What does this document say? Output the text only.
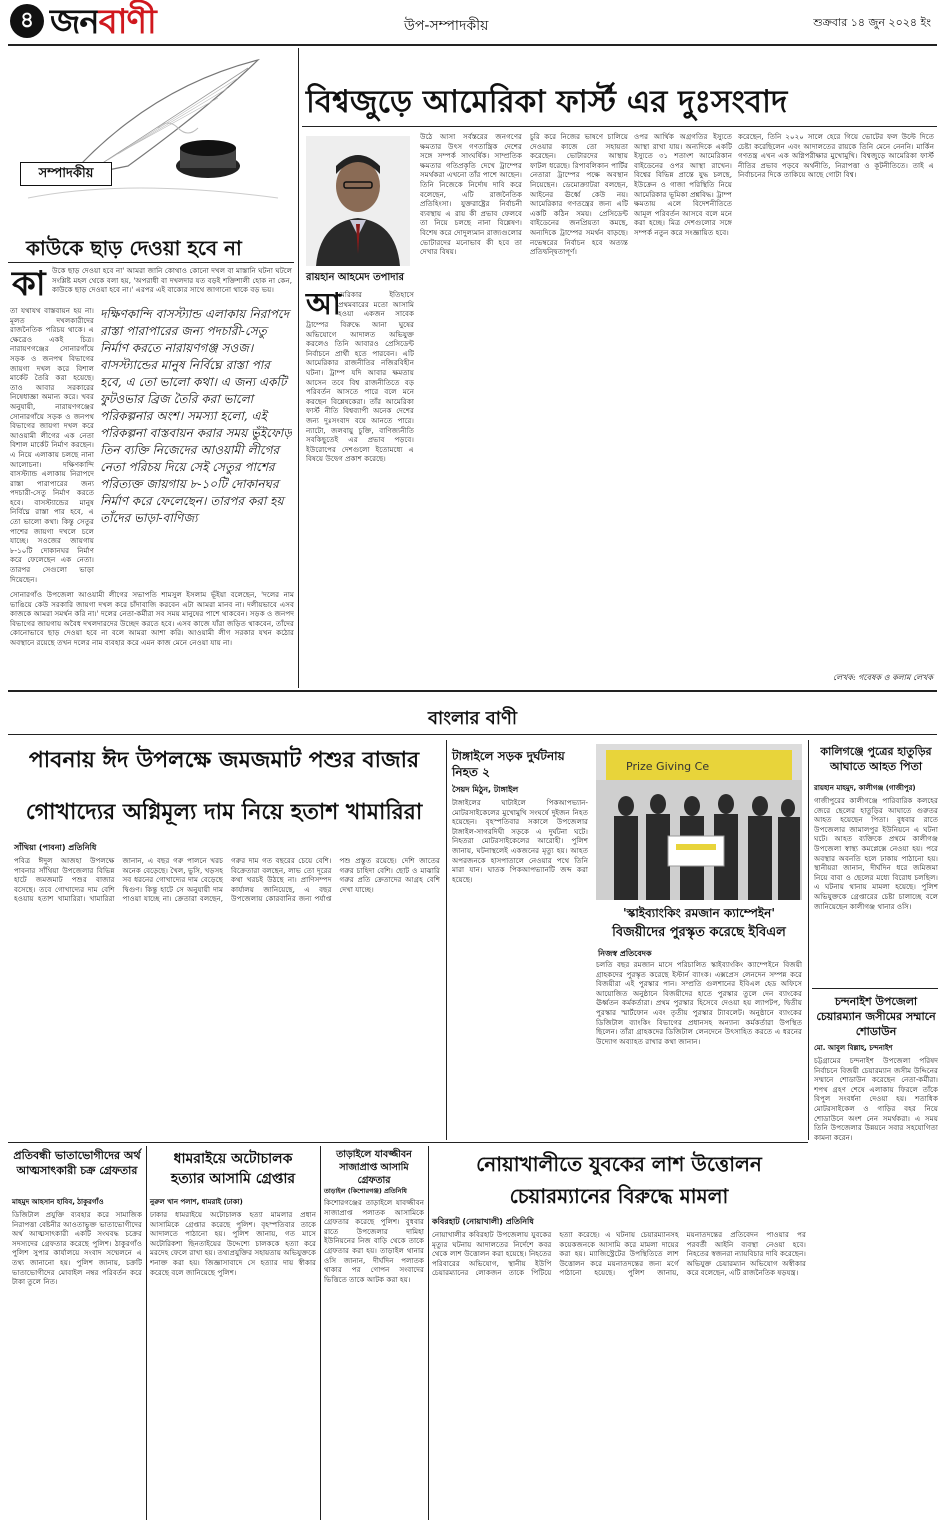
৪ জনবাণী	উপ-সম্পাদকীয়	শুক্রবার ১৪ জুন ২০২৪ ইং
সম্পাদকীয়
কাউকে ছাড় দেওয়া হবে না
কা উকে ছাড় দেওয়া হবে না' আমরা জানি কোথাও কোনো দখল বা মাস্তানি ঘটনা ঘটলে সংশ্লিষ্ট মহল থেকে বলা হয়, 'অপরাধী বা দখলদার যত বড়ই শক্তিশালী হোক না কেন, কাউকে ছাড় দেওয়া হবে না।' এরপর এই বাক্যের সাথে জাগানো থাকে বড় ভয়।
তা যথাযথ বাস্তবায়ন হয় না। মূলত দখলকারীদের রাজনৈতিক পরিচয় থাকে। এ ক্ষেত্রেও একই চিত্র। নারায়ণগঞ্জের সোনারগাঁয়ে সড়ক ও জনপথ বিভাগের জায়গা দখল করে বিশাল মার্কেট তৈরি করা হয়েছে। তাও আবার সরকারের নিষেধাজ্ঞা অমান্য করে। খবর অনুযায়ী, নারায়ণগঞ্জের সোনারগাঁয়ে সড়ক ও জনপথ বিভাগের জায়গা দখল করে আওয়ামী লীগের এক নেতা বিশাল মার্কেট নির্মাণ করছেন। এ নিয়ে এলাকায় চলছে নানা আলোচনা। দক্ষিণকান্দি বাসস্ট্যান্ড এলাকায় নিরাপদে রাস্তা পারাপারের জন্য পদচারী-সেতু নির্মাণ করতে হবে। বাসস্ট্যান্ডের মানুষ নির্বিঘ্নে রাস্তা পার হবে, এ তো ভালো কথা। কিন্তু সেতুর পাশের জায়গা দখলে চলে যাচ্ছে। সওজের জায়গায় ৮-১০টি দোকানঘর নির্মাণ করে ফেলেছেন এক নেতা। তারপর সেগুলো ভাড়া দিয়েছেন।
দক্ষিণকান্দি বাসস্ট্যান্ড এলাকায় নিরাপদে রাস্তা পারাপারের জন্য পদচারী-সেতু নির্মাণ করতে নারায়ণগঞ্জ সওজ। বাসস্ট্যান্ডের মানুষ নির্বিঘ্নে রাস্তা পার হবে, এ তো ভালো কথা। এ জন্য একটি ফুটওভার ব্রিজ তৈরি করা ভালো পরিকল্পনার অংশ। সমস্যা হলো, এই পরিকল্পনা বাস্তবায়ন করার সময় ভুঁইফোড় তিন ব্যক্তি নিজেদের আওয়ামী লীগের নেতা পরিচয় দিয়ে সেই সেতুর পাশের পরিত্যক্ত জায়গায় ৮-১০টি দোকানঘর নির্মাণ করে ফেলেছেন। তারপর করা হয় তাঁদের ভাড়া-বাণিজ্য
সোনারগাঁও উপজেলা আওয়ামী লীগের সভাপতি শামসুল ইসলাম ভূঁইয়া বলেছেন, 'দলের নাম ভাঙিয়ে কেউ সরকারি জায়গা দখল করে চাঁদাবাজি করবেন এটা আমরা মানব না। দলীয়ভাবে এসব কাজকে আমরা সমর্থন করি না।' দলের নেতা-কর্মীরা সব সময় মানুষের পাশে থাকবেন। সড়ক ও জনপদ বিভাগের জায়গায় অবৈধ দখলদারদের উচ্ছেদ করতে হবে। এসব কাজে যাঁরা জড়িত থাকবেন, তাঁদের কোনোভাবে ছাড় দেওয়া হবে না বলে আমরা আশা করি। আওয়ামী লীগ সরকার যখন কঠোর অবস্থানে রয়েছে তখন দলের নাম ব্যবহার করে এমন কাজ মেনে নেওয়া যায় না।
বিশ্বজুড়ে আমেরিকা ফার্স্ট এর দুঃসংবাদ
রায়হান আহমেদ তপাদার
আ
মেরিকার ইতিহাসে প্রথমবারের মতো আসামি হওয়া একজন সাবেক
ট্রাম্পের বিরুদ্ধে আনা ঘুষের অভিযোগে আদালত অভিযুক্ত করলেও তিনি আবারও প্রেসিডেন্ট নির্বাচনে প্রার্থী হতে পারবেন। এটি আমেরিকার রাজনীতির নজিরবিহীন ঘটনা। ট্রাম্প যদি আবার ক্ষমতায় আসেন তবে বিশ্ব রাজনীতিতে বড় পরিবর্তন আসতে পারে বলে মনে করছেন বিশ্লেষকেরা। তাঁর আমেরিকা ফার্স্ট নীতি বিশ্বব্যাপী অনেক দেশের জন্য দুঃসংবাদ বয়ে আনতে পারে। ন্যাটো, জলবায়ু চুক্তি, বাণিজ্যনীতি সবকিছুতেই এর প্রভাব পড়বে। ইউরোপের দেশগুলো ইতোমধ্যে এ বিষয়ে উদ্বেগ প্রকাশ করেছে।
উঠে আসা সর্বস্তরের জনগণের ক্ষমতার উৎস গণতান্ত্রিক দেশের সঙ্গে সম্পর্ক সাংঘর্ষিক। সাম্প্রতিক ক্ষমতার গতিপ্রকৃতি দেখে ট্রাম্পের সমর্থকরা এখনো তাঁর পাশে আছেন। তিনি নিজেকে নির্দোষ দাবি করে বলেছেন, এটি রাজনৈতিক প্রতিহিংসা। যুক্তরাষ্ট্রের নির্বাচনী ব্যবস্থায় এ রায় কী প্রভাব ফেলবে তা নিয়ে চলছে নানা বিশ্লেষণ। বিশেষ করে দোদুল্যমান রাজ্যগুলোর ভোটারদের মনোভাব কী হবে তা দেখার বিষয়।
চুরি করে নিজের ভাষণে চালিয়ে দেওয়ার কাজে তো সহায়তা করেছেন। ভোটারদের আস্থায় ফাটল ধরেছে। রিপাবলিকান পার্টির নেতারা ট্রাম্পের পক্ষে অবস্থান নিয়েছেন। ডেমোক্র্যাটরা বলছেন, আইনের ঊর্ধ্বে কেউ নয়। আমেরিকার গণতন্ত্রের জন্য এটি একটি কঠিন সময়। প্রেসিডেন্ট বাইডেনের জনপ্রিয়তা কমছে, অন্যদিকে ট্রাম্পের সমর্থন বাড়ছে। নভেম্বরের নির্বাচন হবে অত্যন্ত প্রতিদ্বন্দ্বিতাপূর্ণ।
ওপর আর্থিক অগ্রগতির ইস্যুতে আস্থা রাখা যায়। অন্যদিকে একটি ইস্যুতে ৩১ শতাংশ আমেরিকান বাইডেনের ওপর আস্থা রাখেন। বিশ্বের বিভিন্ন প্রান্তে যুদ্ধ চলছে, ইউক্রেন ও গাজা পরিস্থিতি নিয়ে আমেরিকার ভূমিকা প্রশ্নবিদ্ধ। ট্রাম্প ক্ষমতায় এলে বিদেশনীতিতে আমূল পরিবর্তন আসবে বলে মনে করা হচ্ছে। মিত্র দেশগুলোর সঙ্গে সম্পর্ক নতুন করে সংজ্ঞায়িত হবে।
করেছেন, তিনি ২০২০ সালে হেরে গিয়ে ভোটের ফল উল্টে দিতে চেষ্টা করেছিলেন এবং আদালতের রায়কে তিনি মেনে নেননি। মার্কিন গণতন্ত্র এখন এক অগ্নিপরীক্ষার মুখোমুখি। বিশ্বজুড়ে আমেরিকা ফার্স্ট নীতির প্রভাব পড়বে অর্থনীতি, নিরাপত্তা ও কূটনীতিতে। তাই এ নির্বাচনের দিকে তাকিয়ে আছে গোটা বিশ্ব।
লেখক: গবেষক ও কলাম লেখক
বাংলার বাণী
পাবনায় ঈদ উপলক্ষে জমজমাট পশুর বাজার
গোখাদ্যের অগ্নিমূল্য দাম নিয়ে হতাশ খামারিরা
সাঁথিয়া (পাবনা) প্রতিনিধি
পবিত্র ঈদুল আজহা উপলক্ষে পাবনার সাঁথিয়া উপজেলার বিভিন্ন হাটে জমজমাট পশুর বাজার বসেছে। তবে গোখাদ্যের দাম বেশি হওয়ায় হতাশ খামারিরা। খামারিরা জানান, এ বছর গরু পালনে খরচ অনেক বেড়েছে। খৈল, ভুসি, খড়সহ সব ধরনের গোখাদ্যের দাম বেড়েছে দ্বিগুণ। কিন্তু হাটে সে অনুযায়ী দাম পাওয়া যাচ্ছে না। ক্রেতারা বলছেন, গরুর দাম গত বছরের চেয়ে বেশি। বিক্রেতারা বলছেন, লাভ তো দূরের কথা খরচই উঠছে না। প্রাণিসম্পদ কার্যালয় জানিয়েছে, এ বছর উপজেলায় কোরবানির জন্য পর্যাপ্ত পশু প্রস্তুত রয়েছে। দেশি জাতের গরুর চাহিদা বেশি। ছোট ও মাঝারি গরুর প্রতি ক্রেতাদের আগ্রহ বেশি দেখা যাচ্ছে।
টাঙ্গাইলে সড়ক দুর্ঘটনায় নিহত ২
সৈয়দ মিঠুন, টাঙ্গাইল
টাঙ্গাইলের ঘাটাইলে পিকআপভ্যান-মোটরসাইকেলের মুখোমুখি সংঘর্ষে দুইজন নিহত হয়েছেন। বৃহস্পতিবার সকালে উপজেলার টাঙ্গাইল-সাগরদিঘী সড়কে এ দুর্ঘটনা ঘটে। নিহতরা মোটরসাইকেলের আরোহী। পুলিশ জানায়, ঘটনাস্থলেই একজনের মৃত্যু হয়। আহত অপরজনকে হাসপাতালে নেওয়ার পথে তিনি মারা যান। ঘাতক পিকআপভ্যানটি জব্দ করা হয়েছে।
Prize Giving Ce
'স্কাইব্যাংকিং রমজান ক্যাম্পেইন'
বিজয়ীদের পুরস্কৃত করেছে ইবিএল
নিজস্ব প্রতিবেদক
চলতি বছর রমজান মাসে পরিচালিত স্কাইব্যাংকিং ক্যাম্পেইনে বিজয়ী গ্রাহকদের পুরস্কৃত করেছে ইস্টার্ন ব্যাংক। এক্সপ্রেস লেনদেন সম্পন্ন করে বিজয়ীরা এই পুরস্কার পান। সম্প্রতি গুলশানের ইবিএল হেড অফিসে আয়োজিত অনুষ্ঠানে বিজয়ীদের হাতে পুরস্কার তুলে দেন ব্যাংকের ঊর্ধ্বতন কর্মকর্তারা। প্রথম পুরস্কার হিসেবে দেওয়া হয় ল্যাপটপ, দ্বিতীয় পুরস্কার স্মার্টফোন এবং তৃতীয় পুরস্কার ট্যাবলেট। অনুষ্ঠানে ব্যাংকের ডিজিটাল ব্যাংকিং বিভাগের প্রধানসহ অন্যান্য কর্মকর্তারা উপস্থিত ছিলেন। তাঁরা গ্রাহকদের ডিজিটাল লেনদেনে উৎসাহিত করতে এ ধরনের উদ্যোগ অব্যাহত রাখার কথা জানান।
কালিগঞ্জে পুত্রের হাতুড়ির আঘাতে আহত পিতা
রায়হান মাহমুদ, কালীগঞ্জ (গাজীপুর)
গাজীপুরের কালীগঞ্জে পারিবারিক কলহের জেরে ছেলের হাতুড়ির আঘাতে গুরুতর আহত হয়েছেন পিতা। বুধবার রাতে উপজেলার জামালপুর ইউনিয়নে এ ঘটনা ঘটে। আহত ব্যক্তিকে প্রথমে কালীগঞ্জ উপজেলা স্বাস্থ্য কমপ্লেক্সে নেওয়া হয়। পরে অবস্থার অবনতি হলে ঢাকায় পাঠানো হয়। স্থানীয়রা জানান, দীর্ঘদিন ধরে জমিজমা নিয়ে বাবা ও ছেলের মধ্যে বিরোধ চলছিল। এ ঘটনায় থানায় মামলা হয়েছে। পুলিশ অভিযুক্তকে গ্রেপ্তারের চেষ্টা চালাচ্ছে বলে জানিয়েছেন কালীগঞ্জ থানার ওসি।
চন্দনাইশ উপজেলা চেয়ারম্যান জসীমের সম্মানে শোডাউন
মো. আবুল বিল্লাহ, চন্দনাইশ
চট্টগ্রামের চন্দনাইশ উপজেলা পরিষদ নির্বাচনে বিজয়ী চেয়ারম্যান জসীম উদ্দিনের সম্মানে শোডাউন করেছেন নেতা-কর্মীরা। শপথ গ্রহণ শেষে এলাকায় ফিরলে তাঁকে বিপুল সংবর্ধনা দেওয়া হয়। শতাধিক মোটরসাইকেল ও গাড়ির বহর নিয়ে শোডাউনে অংশ নেন সমর্থকরা। এ সময় তিনি উপজেলার উন্নয়নে সবার সহযোগিতা কামনা করেন।
প্রতিবন্ধী ভাতাভোগীদের অর্থ আত্মসাৎকারী চক্র গ্রেফতার
মাহমুদ আহসান হাবিব, ঠাকুরগাঁও
ডিজিটাল প্রযুক্তি ব্যবহার করে সামাজিক নিরাপত্তা বেষ্টনীর আওতাভুক্ত ভাতাভোগীদের অর্থ আত্মসাৎকারী একটি সংঘবদ্ধ চক্রের সদস্যদের গ্রেফতার করেছে পুলিশ। ঠাকুরগাঁও পুলিশ সুপার কার্যালয়ে সংবাদ সম্মেলনে এ তথ্য জানানো হয়। পুলিশ জানায়, চক্রটি ভাতাভোগীদের মোবাইল নম্বর পরিবর্তন করে টাকা তুলে নিত।
ধামরাইয়ে অটোচালক
হত্যার আসামি গ্রেপ্তার
নুরুল খান পলাশ, ধামরাই (ঢাকা)
ঢাকার ধামরাইয়ে অটোচালক হত্যা মামলার প্রধান আসামিকে গ্রেপ্তার করেছে পুলিশ। বৃহস্পতিবার তাকে আদালতে পাঠানো হয়। পুলিশ জানায়, গত মাসে অটোরিকশা ছিনতাইয়ের উদ্দেশ্যে চালককে হত্যা করে মরদেহ ফেলে রাখা হয়। তথ্যপ্রযুক্তির সহায়তায় অভিযুক্তকে শনাক্ত করা হয়। জিজ্ঞাসাবাদে সে হত্যার দায় স্বীকার করেছে বলে জানিয়েছে পুলিশ।
তাড়াইলে যাবজ্জীবন সাজাপ্রাপ্ত আসামি গ্রেফতার
তাড়াইল (কিশোরগঞ্জ) প্রতিনিধি
কিশোরগঞ্জের তাড়াইলে যাবজ্জীবন সাজাপ্রাপ্ত পলাতক আসামিকে গ্রেফতার করেছে পুলিশ। বুধবার রাতে উপজেলার দামিহা ইউনিয়নের নিজ বাড়ি থেকে তাকে গ্রেফতার করা হয়। তাড়াইল থানার ওসি জানান, দীর্ঘদিন পলাতক থাকার পর গোপন সংবাদের ভিত্তিতে তাকে আটক করা হয়।
নোয়াখালীতে যুবকের লাশ উত্তোলন
চেয়ারম্যানের বিরুদ্ধে মামলা
কবিরহাট (নোয়াখালী) প্রতিনিধি
নোয়াখালীর কবিরহাট উপজেলায় যুবকের মৃত্যুর ঘটনায় আদালতের নির্দেশে কবর থেকে লাশ উত্তোলন করা হয়েছে। নিহতের পরিবারের অভিযোগ, স্থানীয় ইউপি চেয়ারম্যানের লোকজন তাকে পিটিয়ে হত্যা করেছে। এ ঘটনায় চেয়ারম্যানসহ কয়েকজনকে আসামি করে মামলা দায়ের করা হয়। ম্যাজিস্ট্রেটের উপস্থিতিতে লাশ উত্তোলন করে ময়নাতদন্তের জন্য মর্গে পাঠানো হয়েছে। পুলিশ জানায়, ময়নাতদন্তের প্রতিবেদন পাওয়ার পর পরবর্তী আইনি ব্যবস্থা নেওয়া হবে। নিহতের স্বজনরা ন্যায়বিচার দাবি করেছেন। অভিযুক্ত চেয়ারম্যান অভিযোগ অস্বীকার করে বলেছেন, এটি রাজনৈতিক ষড়যন্ত্র।
